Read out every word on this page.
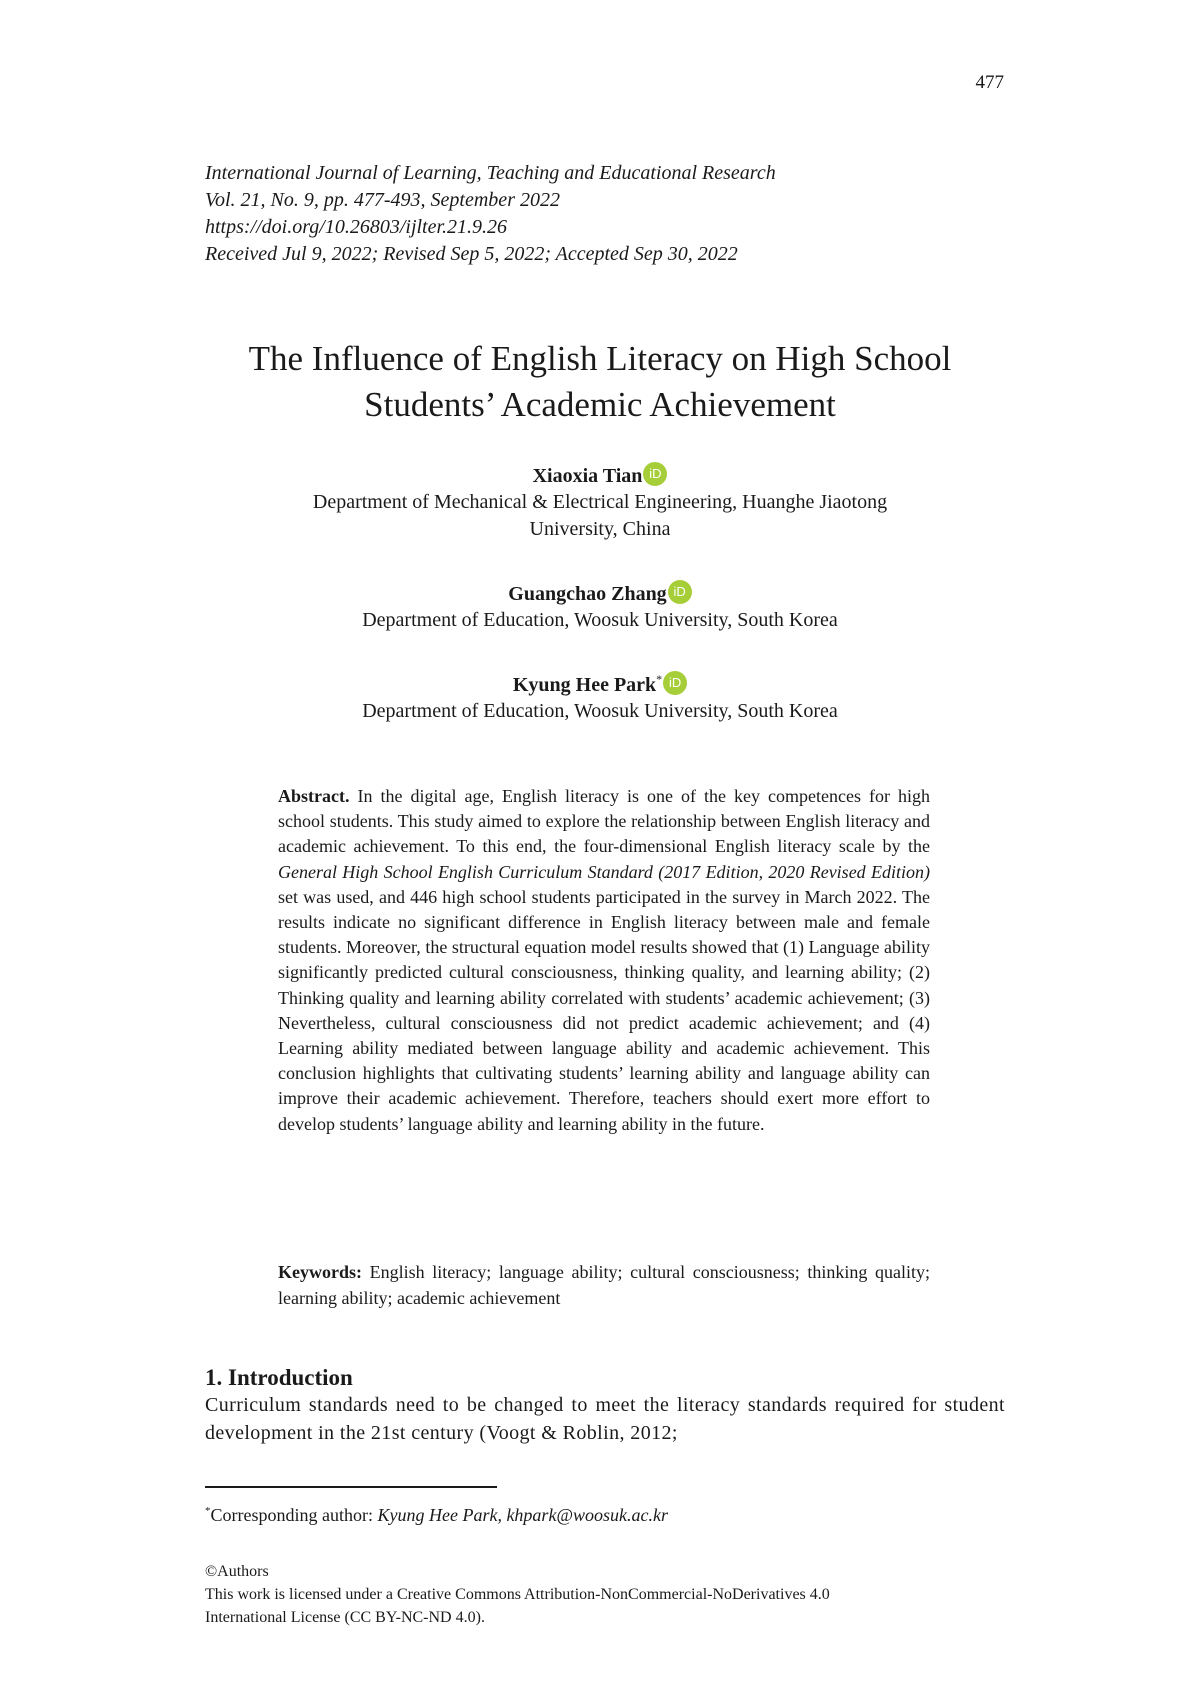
477
International Journal of Learning, Teaching and Educational Research
Vol. 21, No. 9, pp. 477-493, September 2022
https://doi.org/10.26803/ijlter.21.9.26
Received Jul 9, 2022; Revised Sep 5, 2022; Accepted Sep 30, 2022
The Influence of English Literacy on High School
Students’ Academic Achievement
Xiaoxia Tian iD
Department of Mechanical & Electrical Engineering, Huanghe Jiaotong
University, China
Guangchao Zhang iD
Department of Education, Woosuk University, South Korea
Kyung Hee Park* iD
Department of Education, Woosuk University, South Korea
Abstract. In the digital age, English literacy is one of the key competences for high school students. This study aimed to explore the relationship between English literacy and academic achievement. To this end, the four-dimensional English literacy scale by the General High School English Curriculum Standard (2017 Edition, 2020 Revised Edition) set was used, and 446 high school students participated in the survey in March 2022. The results indicate no significant difference in English literacy between male and female students. Moreover, the structural equation model results showed that (1) Language ability significantly predicted cultural consciousness, thinking quality, and learning ability; (2) Thinking quality and learning ability correlated with students’ academic achievement; (3) Nevertheless, cultural consciousness did not predict academic achievement; and (4) Learning ability mediated between language ability and academic achievement. This conclusion highlights that cultivating students’ learning ability and language ability can improve their academic achievement. Therefore, teachers should exert more effort to develop students’ language ability and learning ability in the future.
Keywords: English literacy; language ability; cultural consciousness; thinking quality; learning ability; academic achievement
1. Introduction
Curriculum standards need to be changed to meet the literacy standards required for student development in the 21st century (Voogt & Roblin, 2012;
*Corresponding author: Kyung Hee Park, khpark@woosuk.ac.kr
©Authors
This work is licensed under a Creative Commons Attribution-NonCommercial-NoDerivatives 4.0
International License (CC BY-NC-ND 4.0).
